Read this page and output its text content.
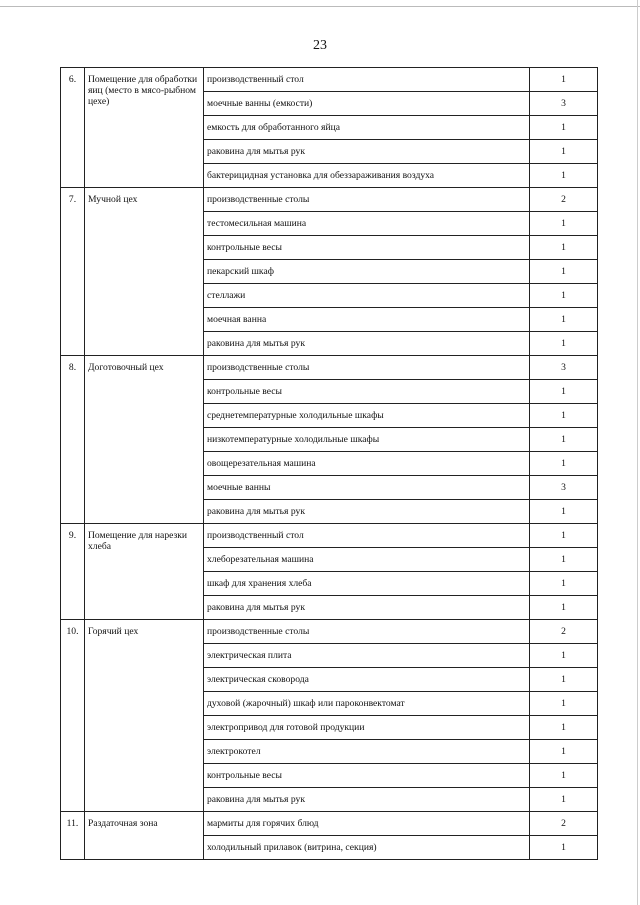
23
6.	Помещение для обработки яиц (место в мясо-рыбном цехе)	производственный стол	1
		моечные ванны (емкости)	3
		емкость для обработанного яйца	1
		раковина для мытья рук	1
		бактерицидная установка для обеззараживания воздуха	1
7.	Мучной цех	производственные столы	2
		тестомесильная машина	1
		контрольные весы	1
		пекарский шкаф	1
		стеллажи	1
		моечная ванна	1
		раковина для мытья рук	1
8.	Доготовочный цех	производственные столы	3
		контрольные весы	1
		среднетемпературные холодильные шкафы	1
		низкотемпературные холодильные шкафы	1
		овощерезательная машина	1
		моечные ванны	3
		раковина для мытья рук	1
9.	Помещение для нарезки хлеба	производственный стол	1
		хлеборезательная машина	1
		шкаф для хранения хлеба	1
		раковина для мытья рук	1
10.	Горячий цех	производственные столы	2
		электрическая плита	1
		электрическая сковорода	1
		духовой (жарочный) шкаф или пароконвектомат	1
		электропривод для готовой продукции	1
		электрокотел	1
		контрольные весы	1
		раковина для мытья рук	1
11.	Раздаточная зона	мармиты для горячих блюд	2
		холодильный прилавок (витрина, секция)	1
